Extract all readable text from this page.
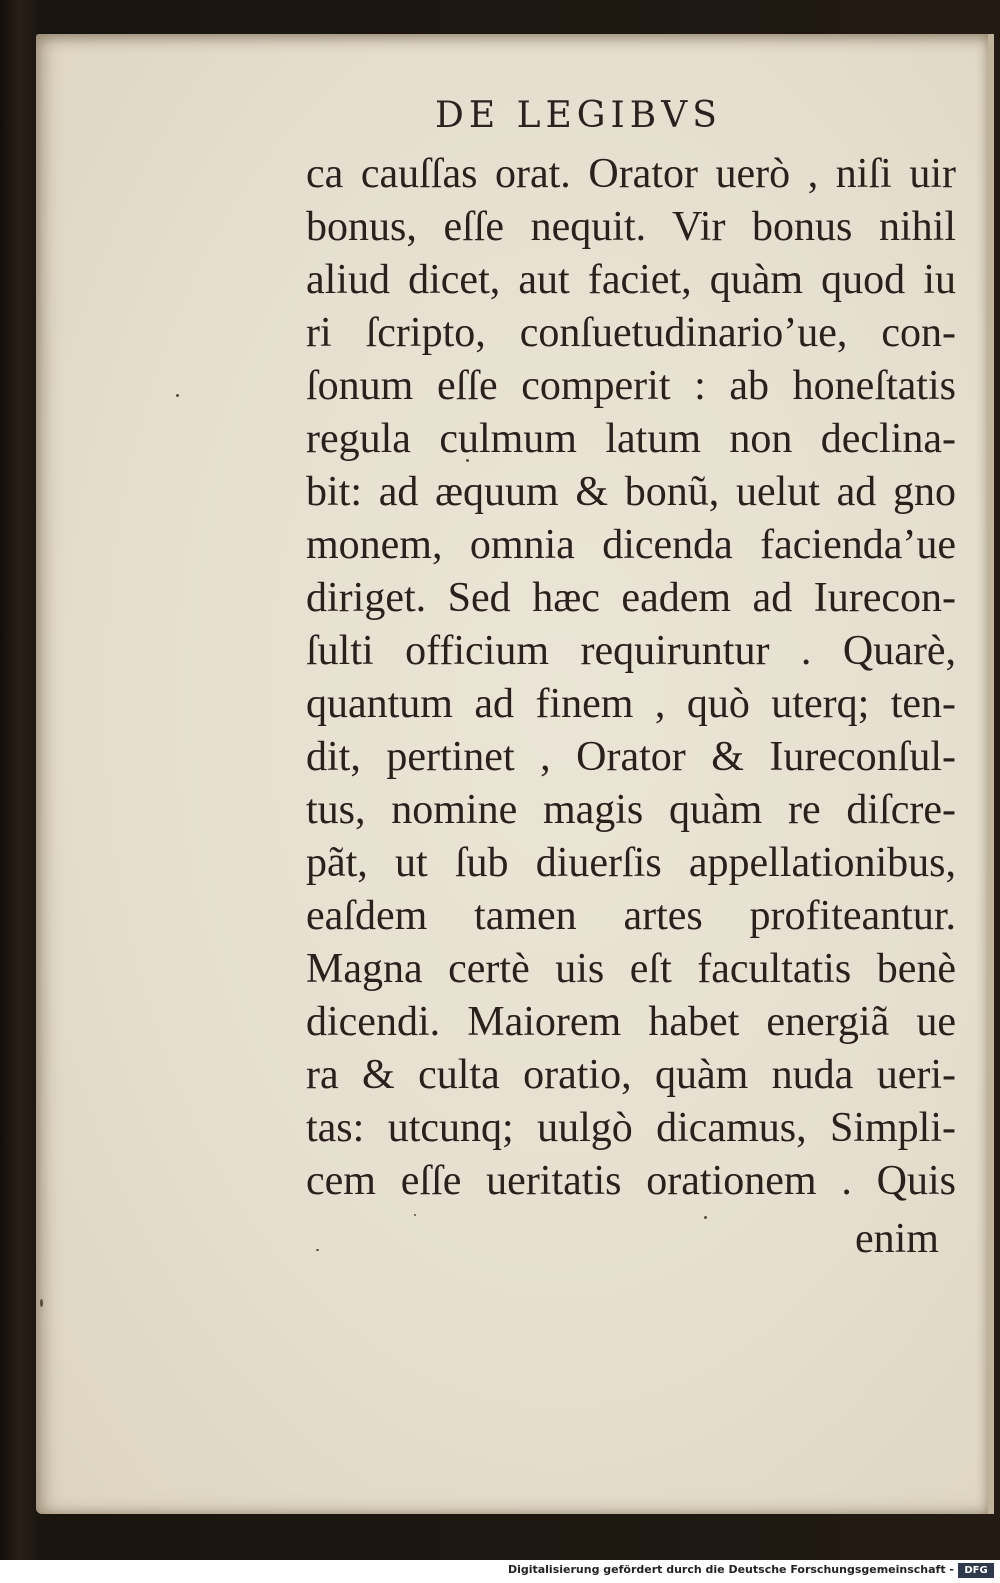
DE LEGIBVS
ca cauſſas orat. Orator uerò , niſi uir
bonus, eſſe nequit. Vir bonus nihil
aliud dicet, aut faciet, quàm quod iu
ri ſcripto, conſuetudinario’ue, con-
ſonum eſſe comperit : ab honeſtatis
regula culmum latum non declina-
bit: ad æquum & bonũ, uelut ad gno
monem, omnia dicenda facienda’ue
diriget. Sed hæc eadem ad Iurecon-
ſulti officium requiruntur . Quarè,
quantum ad finem , quò uterq; ten-
dit, pertinet , Orator & Iureconſul-
tus, nomine magis quàm re diſcre-
pãt, ut ſub diuerſis appellationibus,
eaſdem tamen artes profiteantur.
Magna certè uis eſt facultatis benè
dicendi. Maiorem habet energiã ue
ra & culta oratio, quàm nuda ueri-
tas: utcunq; uulgò dicamus, Simpli-
cem eſſe ueritatis orationem . Quis
enim
Digitalisierung gefördert durch die Deutsche Forschungsgemeinschaft -	DFG
